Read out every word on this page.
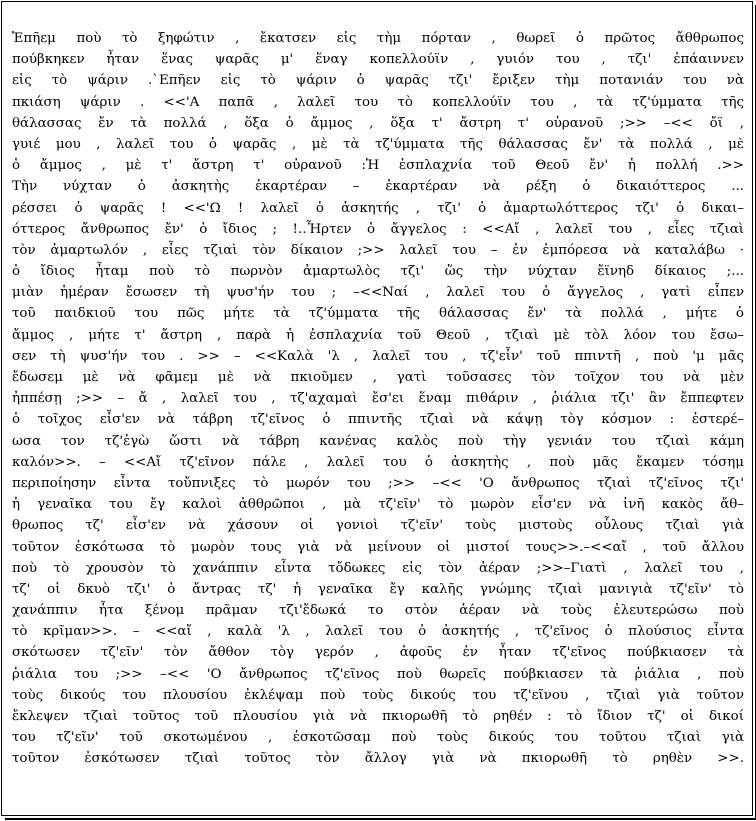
Ἐπῆεμ ποὺ τὸ ξηφώτιν , ἔκατσεν εἰς τὴμ πόρταν , θωρεῖ ὁ πρῶτος ἄθθρωπος
πούβκηκεν ἦταν ἕνας ψαρᾶς μ' ἕναγ κοπελλούϊν , γυιόν του , τζι' ἐπάαιννεν
εἰς τὸ ψάριν .`Επῆεν εἰς τὸ ψάριν ὁ ψαρᾶς τζι' ἔριξεν τὴμ ποτανιάν του νὰ
πκιάση ψάριν . <<'Α παπᾶ , λαλεῖ του τὸ κοπελλούϊν του , τὰ τζ'ύμματα τῆς
θάλασσας ἔν τὰ πολλά , ὅξα ὁ ἄμμος , ὅξα τ' ἄστρη τ' οὐρανοῦ ;>> –<< ὄϊ ,
γυιέ μου , λαλεῖ του ὁ ψαρᾶς , μὲ τὰ τζ'ύμματα τῆς θάλασσας ἔν' τὰ πολλά , μὲ
ὁ ἄμμος , μὲ τ' ἄστρη τ' οὐρανοῦ :Ἡ ἐσπλαχνία τοῦ Θεοῦ ἔν' ἡ πολλή .>>
Τὴν νύχταν ὁ ἀσκητὴς ἐκαρτέραν – ἐκαρτέραν νὰ ρέξη ὁ δικαιόττερος ...
ρέσσει ὁ ψαρᾶς ! <<'Ω ! λαλεῖ ὁ ἀσκητής , τζι' ὁ ἁμαρτωλόττερος τζι' ὁ δικαι–
όττερος ἄνθρωπος ἔν' ὁ ἴδιος ; !..Ἦρτεν ὁ ἄγγελος : <<Αἴ , λαλεῖ του , εἶες τζιαὶ
τὸν ἁμαρτωλόν , εἶες τζιαὶ τὸν δίκαιον ;>> λαλεῖ του – ἐν ἐμπόρεσα νὰ καταλάβω ·
ὁ ἴδιος ἦταμ ποὺ τὸ πωρνὸν ἁμαρτωλὸς τζι' ὥς τὴν νύχταν ἔϊνηδ δίκαιος ;...
μιὰν ἡμέραν ἔσωσεν τὴ ψυσ'ήν του ; –<<Ναί , λαλεῖ του ὁ ἄγγελος , γατὶ εἶπεν
τοῦ παιδκιοῦ του πῶς μήτε τὰ τζ'ύμματα τῆς θάλασσας ἔν' τὰ πολλά , μήτε ὁ
ἄμμος , μήτε τ' ἄστρη , παρὰ ἡ ἐσπλαχνία τοῦ Θεοῦ , τζιαὶ μὲ τὸλ λόον του ἔσω–
σεν τὴ ψυσ'ήν του . >> – <<Καλὰ 'λ , λαλεῖ του , τζ'εἶν' τοῦ ππιντῆ , ποὺ 'μ μᾶς
ἔδωσεμ μὲ νὰ φᾶμεμ μὲ νὰ πκιοῦμεν , γατὶ τοῦσασες τὸν τοῖχον του νὰ μὲν
ἠππέσῃ ;>> – ἄ , λαλεῖ του , τζ'αχαμαὶ ἔσ'ει ἕναμ πιθάριν , ῥιάλια τζι' ἂν ἔππεφτεν
ὁ τοῖχος εἶσ'εν νὰ τάβρη τζ'εῖνος ὁ ππιντῆς τζιαὶ νὰ κάψῃ τὸγ κόσμον : ἐστερέ–
ωσα τον τζ'ἐγὼ ὥστι νὰ τάβρη κανένας καλὸς ποὺ τὴγ γενιάν του τζιαὶ κάμη
καλόν>>. – <<Αἴ τζ'εῖνον πάλε , λαλεῖ του ὁ ἀσκητὴς , ποὺ μᾶς ἔκαμεν τόσημ
περιποίησην εἶντα τοὔπνιξες τὸ μωρόν του ;>> –<< 'Ο ἄνθρωπος τζιαὶ τζ'εῖνος τζι'
ἡ γεναῖκα του ἔγ καλοὶ ἀθθρῶποι , μὰ τζ'εῖν' τὸ μωρὸν εἶσ'εν νὰ ἰνῆ κακὸς ἄθ–
θρωπος τζ' εἶσ'εν νὰ χάσουν οἱ γονιοὶ τζ'εῖν' τοὺς μιστοὺς οὗλους τζιαὶ γιὰ
τοῦτον ἐσκότωσα τὸ μωρὸν τους γιὰ νὰ μείνουν οἱ μιστοί τους>>.–<<αἴ , τοῦ ἄλλου
ποὺ τὸ χρουσὸν τὸ χανάππιν εἶντα τὄδωκες εἰς τὸν ἀέραν ;>>–Γιατὶ , λαλεῖ του ,
τζ' οἱ δκυὸ τζι' ὁ ἄντρας τζ' ἡ γεναῖκα ἔγ καλῆς γνώμης τζιαὶ μανιγιὰ τζ'εῖν' τὸ
χανάππιν ἦτα ξένομ πρᾶμαν τζι'ἔδωκά το στὸν ἀέραν νὰ τοὺς ἐλευτερώσω ποὺ
τὸ κρῖμαν>>. – <<αἴ , καλὰ 'λ , λαλεῖ του ὁ ἀσκητής , τζ'εῖνος ὁ πλούσιος εἶντα
σκότωσεν τζ'εῖν' τὸν ἄθθον τὸγ γερόν , ἀφοῦς ἐν ἦταν τζ'εῖνος πούβκιασεν τὰ
ῥιάλια του ;>> –<< 'Ο ἄνθρωπος τζ'εῖνος ποὺ θωρεῖς πούβκιασεν τὰ ῥιάλια , ποὺ
τοὺς δικούς του πλουσίου ἐκλέψαμ ποὺ τοὺς δικούς του τζ'εῖνου , τζιαὶ γιὰ τοῦτον
ἔκλεψεν τζιαὶ τοῦτος τοῦ πλουσίου γιὰ νὰ πκιορωθῆ τὸ ρηθέν : τὸ ἴδιον τζ' οἱ δικοί
του τζ'εῖν' τοῦ σκοτωμένου , ἐσκοτῶσαμ ποὺ τοὺς δικούς του τοῦτου τζιαὶ γιὰ
τοῦτον ἐσκότωσεν τζιαὶ τοῦτος τὸν ἄλλογ γιὰ νὰ πκιορωθῆ τὸ ρηθὲν >>.
